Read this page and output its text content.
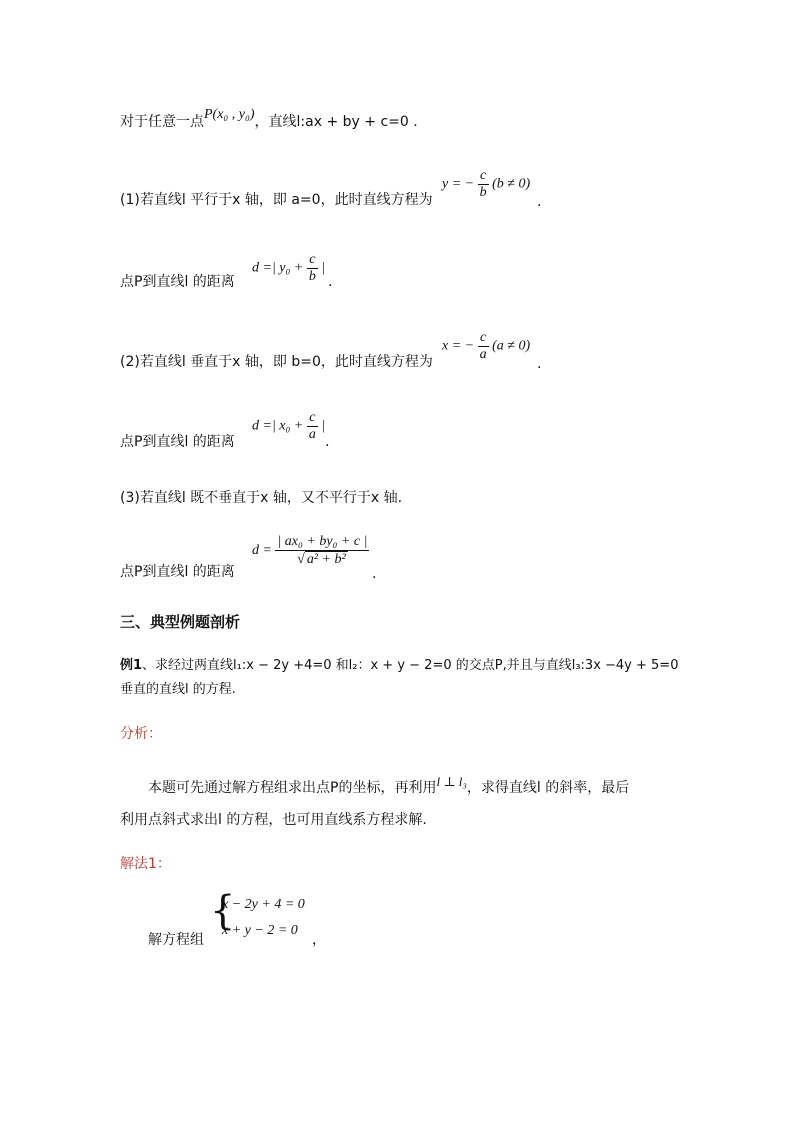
对于任意一点P(x₀ , y₀)，直线l:ax + by + c=0 .
(1)若直线l 平行于x 轴，即 a=0，此时直线方程为
y = − $\frac{c}{b} (b \ne 0)$
.
点P到直线l 的距离
d =| $y_0 + \frac{c}{b}$ |
.
(2)若直线l 垂直于x 轴，即 b=0，此时直线方程为
x = − $\frac{c}{a} (a \ne 0)$
.
点P到直线l 的距离
d =| $x_0 + \frac{c}{a}$ |
.
(3)若直线l 既不垂直于x 轴，又不平行于x 轴.
点P到直线l 的距离
$d = \frac{\text{| ax₀ + by₀ + c |}}{\text{√ a² + b²}}$
.
三、典型例题剖析
例1、求经过两直线l₁:x − 2y +4=0 和l₂：x + y − 2=0 的交点P,并且与直线l₃:3x −4y + 5=0
垂直的直线l 的方程.
分析：
本题可先通过解方程组求出点P的坐标，再利用l ⊥ l₃，求得直线l 的斜率，最后
利用点斜式求出l 的方程，也可用直线系方程求解.
解法1：
解方程组
{
x − 2y + 4 = 0
x + y − 2 = 0
，
